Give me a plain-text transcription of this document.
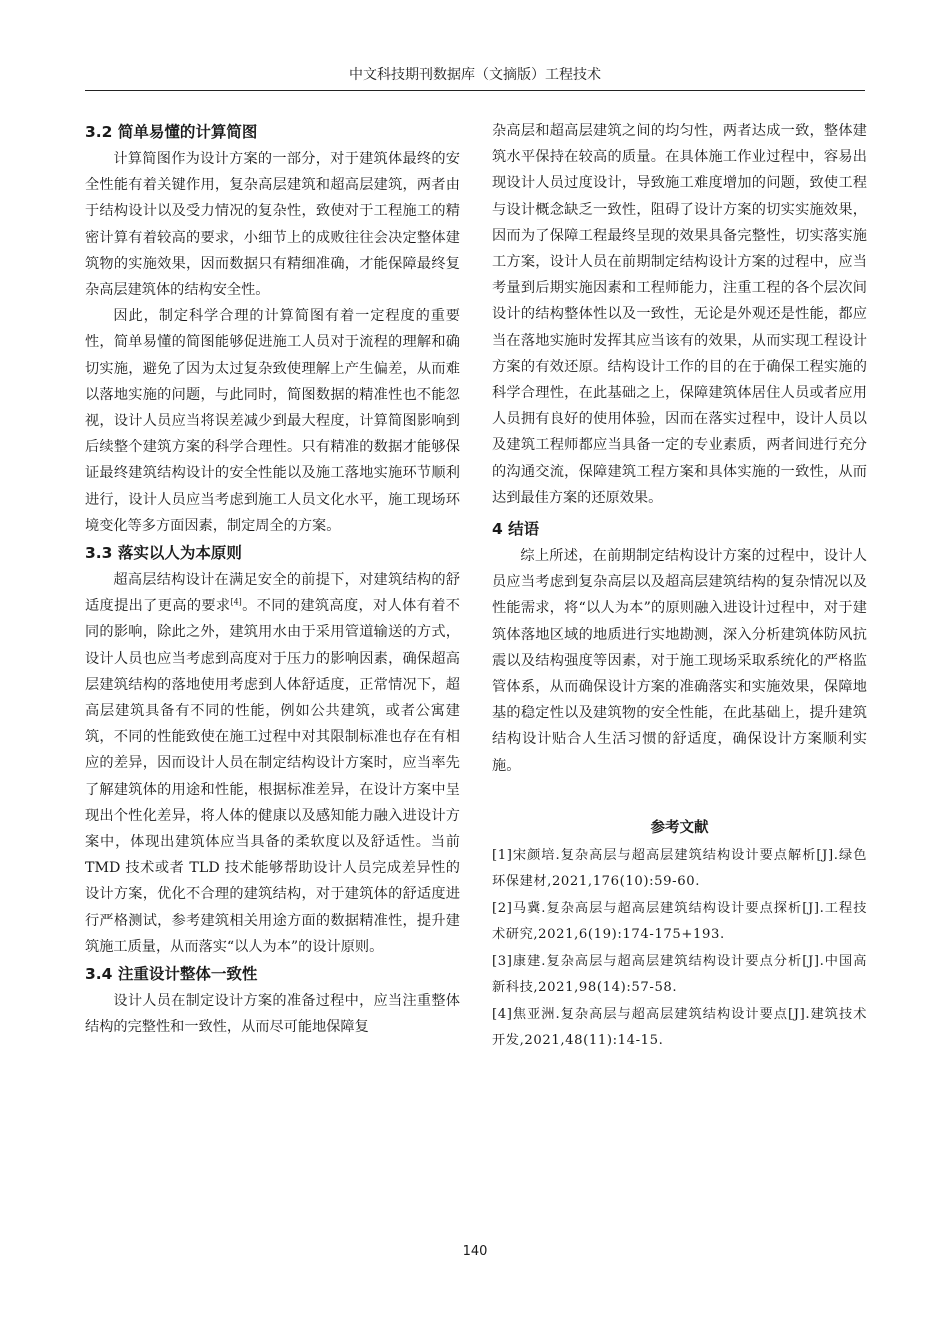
中文科技期刊数据库（文摘版）工程技术
3.2 简单易懂的计算简图

计算简图作为设计方案的一部分，对于建筑体最终的安全性能有着关键作用，复杂高层建筑和超高层建筑，两者由于结构设计以及受力情况的复杂性，致使对于工程施工的精密计算有着较高的要求，小细节上的成败往往会决定整体建筑物的实施效果，因而数据只有精细准确，才能保障最终复杂高层建筑体的结构安全性。

因此，制定科学合理的计算简图有着一定程度的重要性，简单易懂的简图能够促进施工人员对于流程的理解和确切实施，避免了因为太过复杂致使理解上产生偏差，从而难以落地实施的问题，与此同时，简图数据的精准性也不能忽视，设计人员应当将误差减少到最大程度，计算简图影响到后续整个建筑方案的科学合理性。只有精准的数据才能够保证最终建筑结构设计的安全性能以及施工落地实施环节顺利进行，设计人员应当考虑到施工人员文化水平，施工现场环境变化等多方面因素，制定周全的方案。

3.3 落实以人为本原则

超高层结构设计在满足安全的前提下，对建筑结构的舒适度提出了更高的要求[4]。不同的建筑高度，对人体有着不同的影响，除此之外，建筑用水由于采用管道输送的方式，设计人员也应当考虑到高度对于压力的影响因素，确保超高层建筑结构的落地使用考虑到人体舒适度，正常情况下，超高层建筑具备有不同的性能，例如公共建筑，或者公寓建筑，不同的性能致使在施工过程中对其限制标准也存在有相应的差异，因而设计人员在制定结构设计方案时，应当率先了解建筑体的用途和性能，根据标准差异，在设计方案中呈现出个性化差异，将人体的健康以及感知能力融入进设计方案中，体现出建筑体应当具备的柔软度以及舒适性。当前 TMD 技术或者 TLD 技术能够帮助设计人员完成差异性的设计方案，优化不合理的建筑结构，对于建筑体的舒适度进行严格测试，参考建筑相关用途方面的数据精准性，提升建筑施工质量，从而落实“以人为本”的设计原则。

3.4 注重设计整体一致性

设计人员在制定设计方案的准备过程中，应当注重整体结构的完整性和一致性，从而尽可能地保障复

杂高层和超高层建筑之间的均匀性，两者达成一致，整体建筑水平保持在较高的质量。在具体施工作业过程中，容易出现设计人员过度设计，导致施工难度增加的问题，致使工程与设计概念缺乏一致性，阻碍了设计方案的切实实施效果，因而为了保障工程最终呈现的效果具备完整性，切实落实施工方案，设计人员在前期制定结构设计方案的过程中，应当考量到后期实施因素和工程师能力，注重工程的各个层次间设计的结构整体性以及一致性，无论是外观还是性能，都应当在落地实施时发挥其应当该有的效果，从而实现工程设计方案的有效还原。结构设计工作的目的在于确保工程实施的科学合理性，在此基础之上，保障建筑体居住人员或者应用人员拥有良好的使用体验，因而在落实过程中，设计人员以及建筑工程师都应当具备一定的专业素质，两者间进行充分的沟通交流，保障建筑工程方案和具体实施的一致性，从而达到最佳方案的还原效果。

4 结语

综上所述，在前期制定结构设计方案的过程中，设计人员应当考虑到复杂高层以及超高层建筑结构的复杂情况以及性能需求，将“以人为本”的原则融入进设计过程中，对于建筑体落地区域的地质进行实地勘测，深入分析建筑体防风抗震以及结构强度等因素，对于施工现场采取系统化的严格监管体系，从而确保设计方案的准确落实和实施效果，保障地基的稳定性以及建筑物的安全性能，在此基础上，提升建筑结构设计贴合人生活习惯的舒适度，确保设计方案顺利实施。

参考文献

[1]宋颜培.复杂高层与超高层建筑结构设计要点解析[J].绿色环保建材,2021,176(10):59-60.

[2]马冀.复杂高层与超高层建筑结构设计要点探析[J].工程技术研究,2021,6(19):174-175+193.

[3]康建.复杂高层与超高层建筑结构设计要点分析[J].中国高新科技,2021,98(14):57-58.

[4]焦亚洲.复杂高层与超高层建筑结构设计要点[J].建筑技术开发,2021,48(11):14-15.

140
